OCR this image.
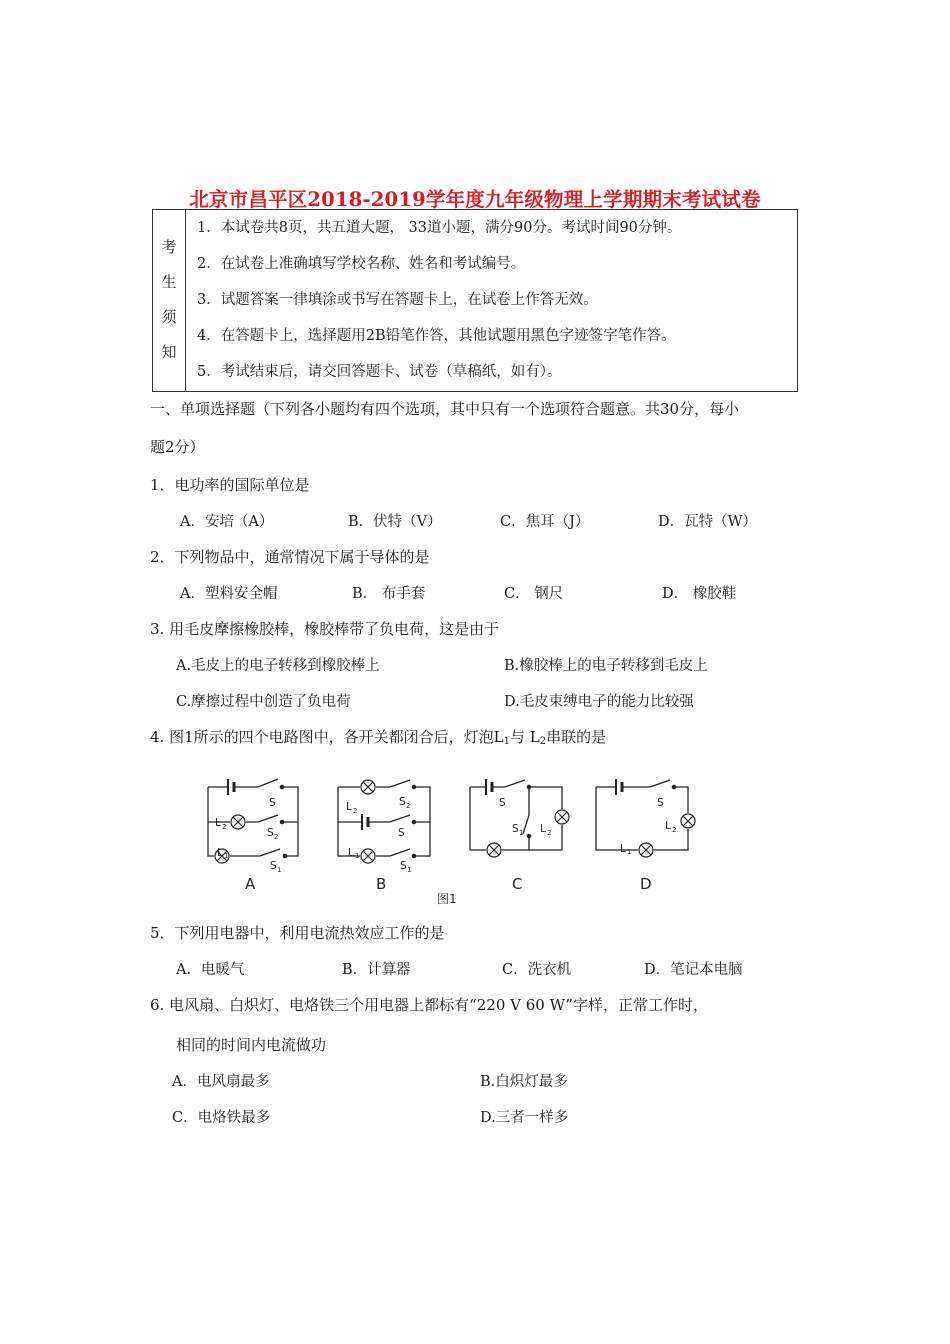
北京市昌平区2018-2019学年度九年级物理上学期期末考试试卷
考
生
须
知
1．本试卷共8页，共五道大题， 33道小题，满分90分。考试时间90分钟。
2．在试卷上准确填写学校名称、姓名和考试编号。
3．试题答案一律填涂或书写在答题卡上，在试卷上作答无效。
4．在答题卡上，选择题用2B铅笔作答，其他试题用黑色字迹签字笔作答。
5．考试结束后，请交回答题卡、试卷（草稿纸，如有）。
一、单项选择题（下列各小题均有四个选项，其中只有一个选项符合题意。共30分，每小
题2分）
1．电功率的国际单位是
A．安培（A）	B．伏特（V）	C．焦耳（J）	D．瓦特（W）
2．下列物品中，通常情况下属于导体的是
A．塑料安全帽	B． 布手套	C． 钢尺	D． 橡胶鞋
3. 用毛皮摩擦橡胶棒，橡胶棒带了负电荷，这是由于
A.毛皮上的电子转移到橡胶棒上	B.橡胶棒上的电子转移到毛皮上
C.摩擦过程中创造了负电荷	D.毛皮束缚电子的能力比较强
4. 图1所示的四个电路图中，各开关都闭合后，灯泡$L_1$与 $L_2$串联的是
S
L 2	S 2
L 1
S 1
L 2
S 2
S
L 1
S 1
S
S 1 L 2
S
L 2
L 1
A	B	C	D
图1
5．下列用电器中，利用电流热效应工作的是
A．电暖气	B．计算器	C．洗衣机	D．笔记本电脑
6. 电风扇、白炽灯、电烙铁三个用电器上都标有“220 V 60 W”字样，正常工作时，
相同的时间内电流做功
A．电风扇最多	B.白炽灯最多
C．电烙铁最多	D.三者一样多
